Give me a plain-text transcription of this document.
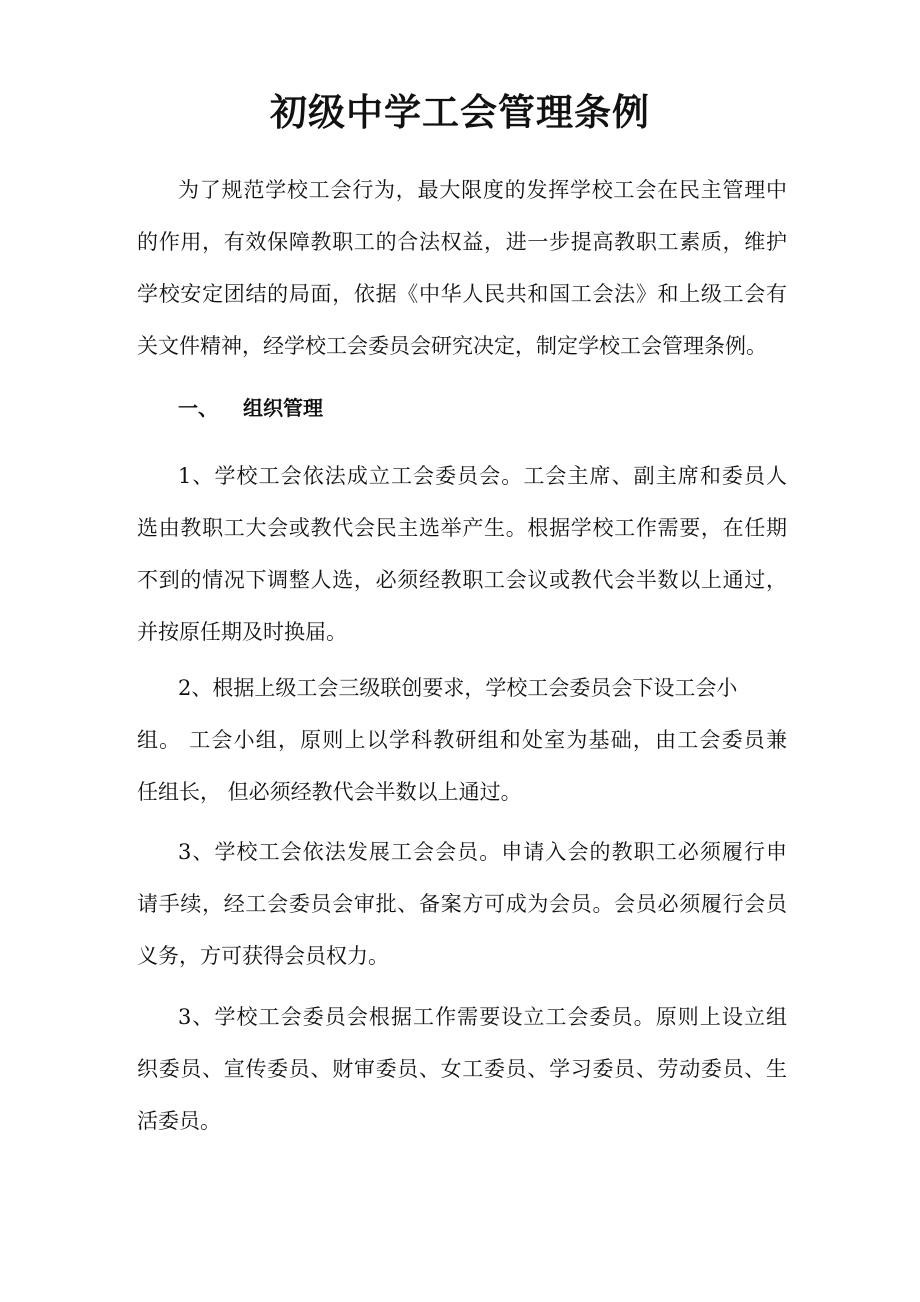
初级中学工会管理条例

为了规范学校工会行为，最大限度的发挥学校工会在民主管理中
的作用，有效保障教职工的合法权益，进一步提高教职工素质，维护
学校安定团结的局面，依据《中华人民共和国工会法》和上级工会有
关文件精神，经学校工会委员会研究决定，制定学校工会管理条例。

一、 组织管理

1、学校工会依法成立工会委员会。工会主席、副主席和委员人
选由教职工大会或教代会民主选举产生。根据学校工作需要，在任期
不到的情况下调整人选，必须经教职工会议或教代会半数以上通过，
并按原任期及时换届。

2、根据上级工会三级联创要求，学校工会委员会下设工会小
组。 工会小组，原则上以学科教研组和处室为基础，由工会委员兼
任组长， 但必须经教代会半数以上通过。

3、学校工会依法发展工会会员。申请入会的教职工必须履行申
请手续，经工会委员会审批、备案方可成为会员。会员必须履行会员
义务，方可获得会员权力。

3、学校工会委员会根据工作需要设立工会委员。原则上设立组
织委员、宣传委员、财审委员、女工委员、学习委员、劳动委员、生
活委员。
